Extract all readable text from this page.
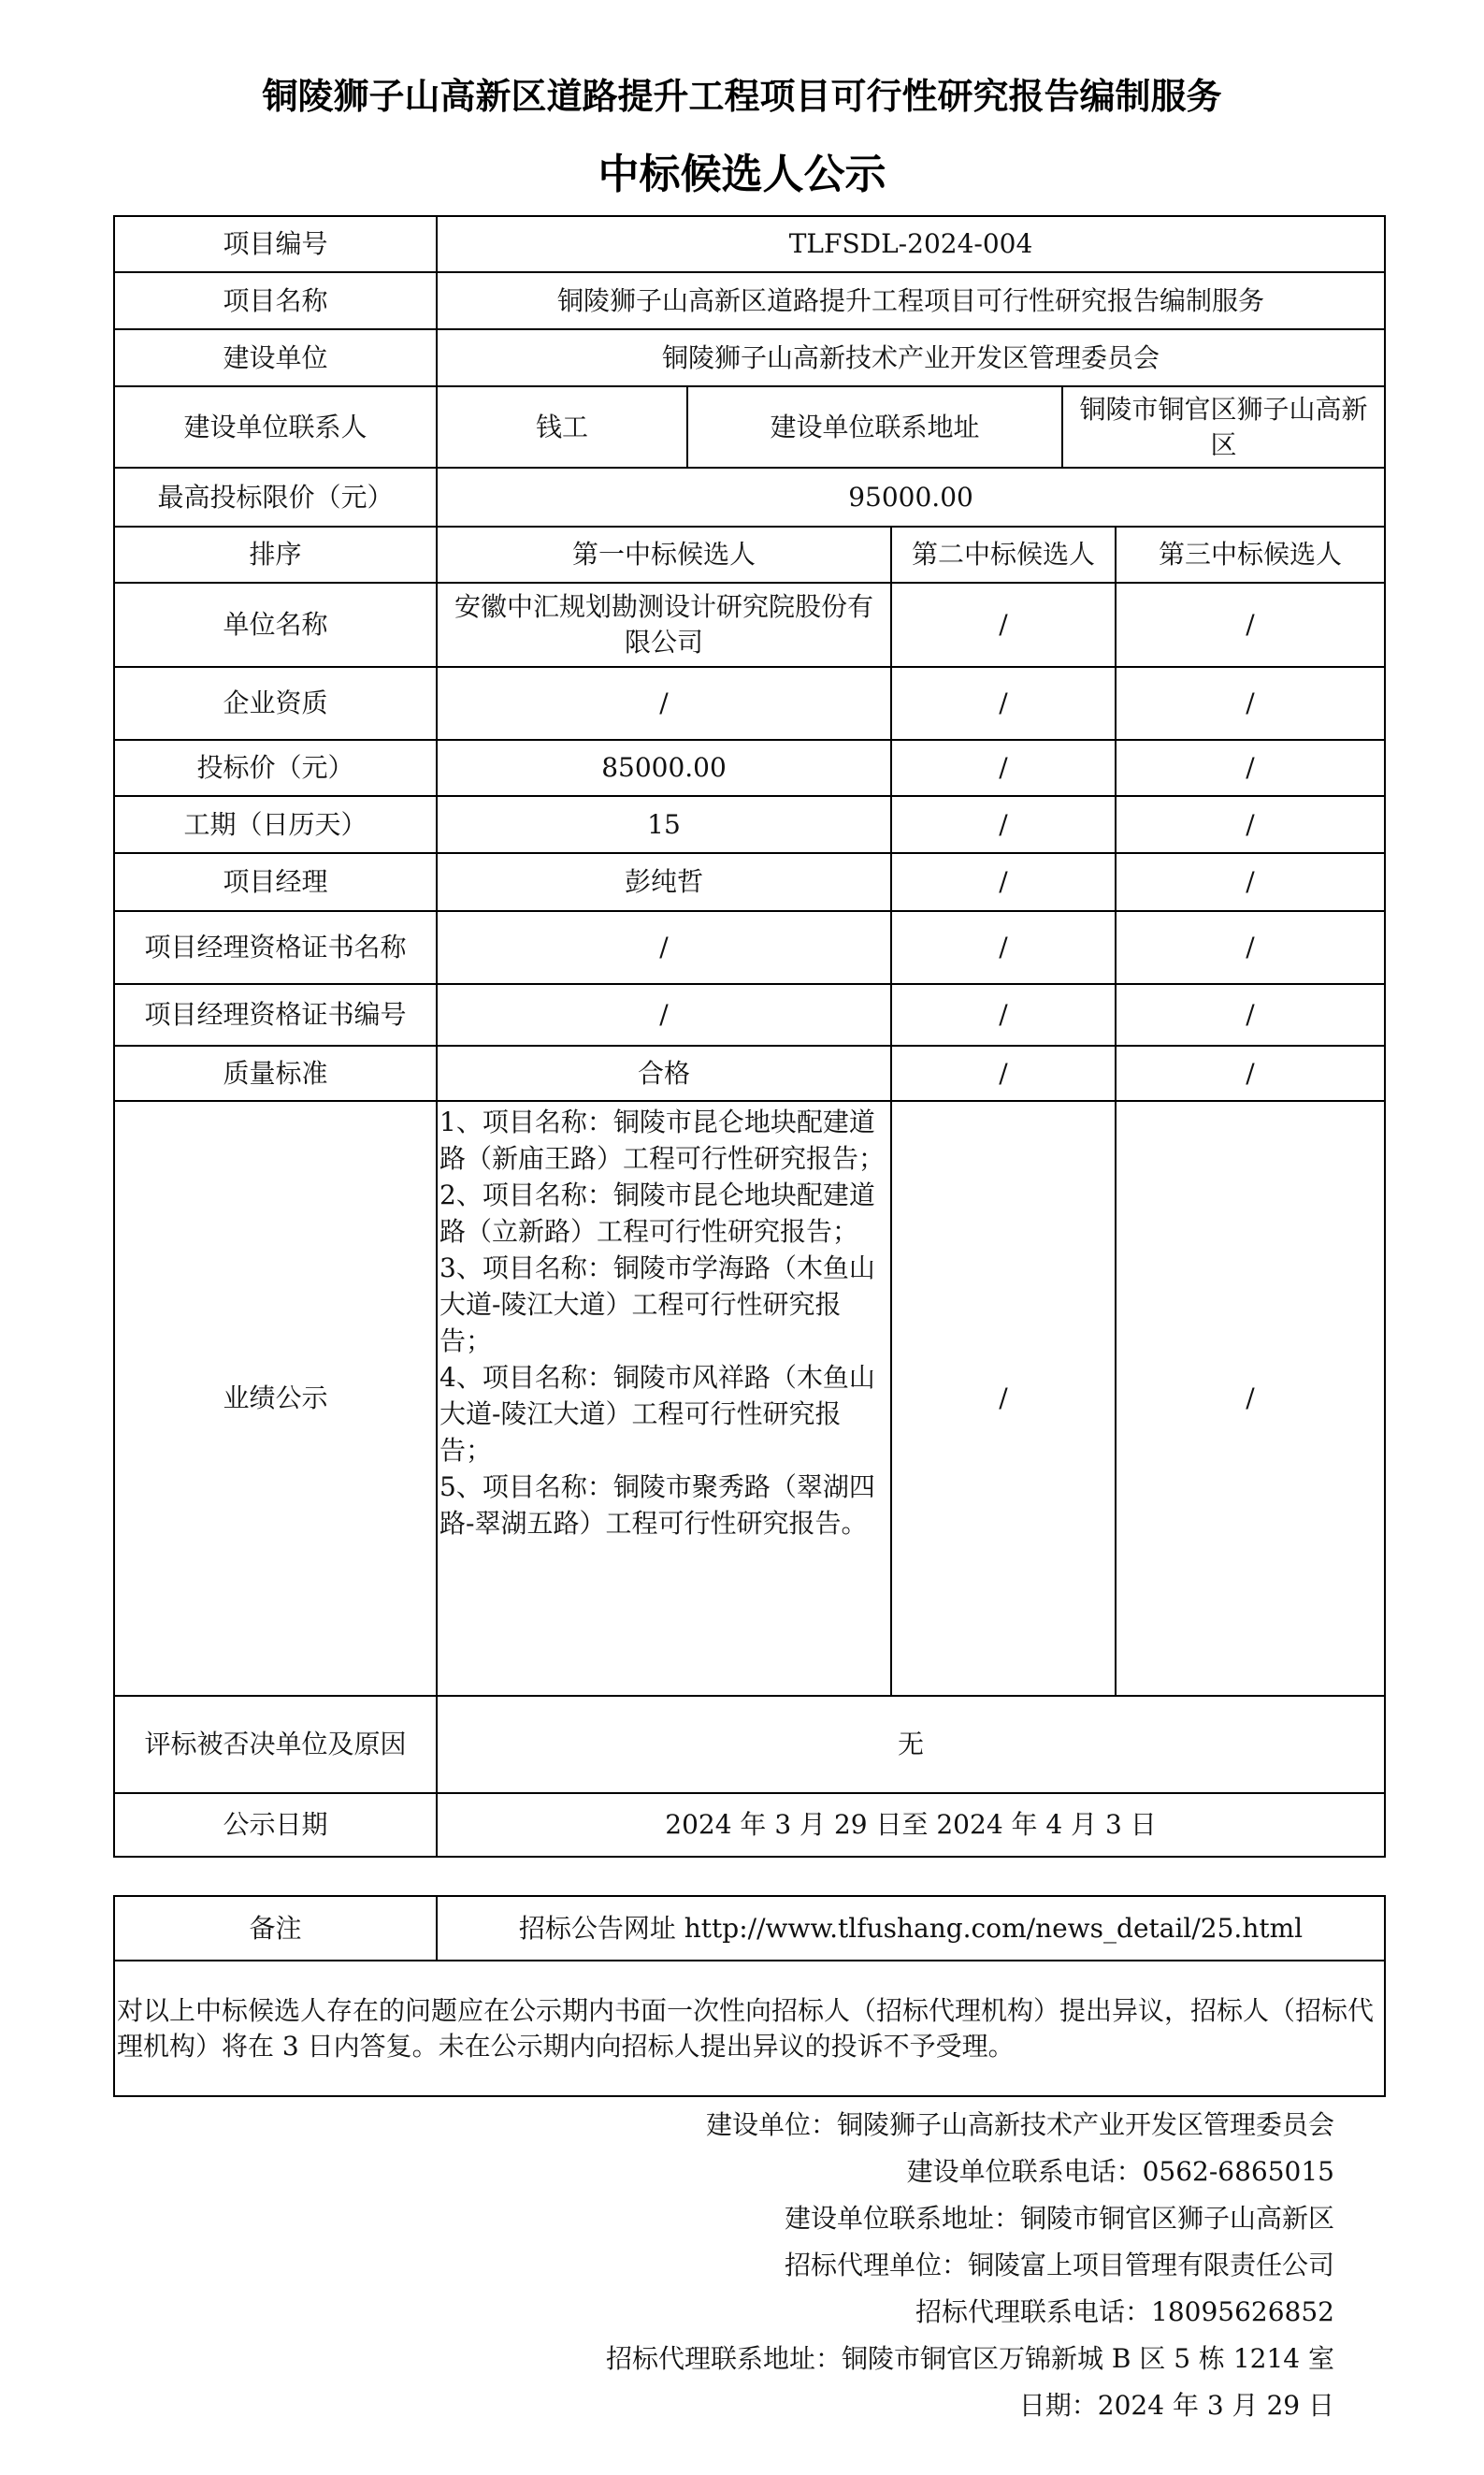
铜陵狮子山高新区道路提升工程项目可行性研究报告编制服务
中标候选人公示
项目编号	TLFSDL-2024-004				
项目名称	铜陵狮子山高新区道路提升工程项目可行性研究报告编制服务				
建设单位	铜陵狮子山高新技术产业开发区管理委员会				
建设单位联系人	钱工	建设单位联系地址		铜陵市铜官区狮子山高新区	
最高投标限价（元）	95000.00				
排序	第一中标候选人		第二中标候选人		第三中标候选人
单位名称	安徽中汇规划勘测设计研究院股份有限公司		/		/
企业资质	/		/		/
投标价（元）	85000.00		/		/
工期（日历天）	15		/		/
项目经理	彭纯哲		/		/
项目经理资格证书名称	/		/		/
项目经理资格证书编号	/		/		/
质量标准	合格		/		/
业绩公示	1、项目名称：铜陵市昆仑地块配建道路（新庙王路）工程可行性研究报告；
2、项目名称：铜陵市昆仑地块配建道路（立新路）工程可行性研究报告；
3、项目名称：铜陵市学海路（木鱼山大道-陵江大道）工程可行性研究报告；
4、项目名称：铜陵市风祥路（木鱼山大道-陵江大道）工程可行性研究报告；
5、项目名称：铜陵市聚秀路（翠湖四路-翠湖五路）工程可行性研究报告。		/		/
评标被否决单位及原因	无				
公示日期	2024 年 3 月 29 日至 2024 年 4 月 3 日				
备注	招标公告网址 http://www.tlfushang.com/news_detail/25.html
对以上中标候选人存在的问题应在公示期内书面一次性向招标人（招标代理机构）提出异议，招标人（招标代理机构）将在 3 日内答复。未在公示期内向招标人提出异议的投诉不予受理。
建设单位：铜陵狮子山高新技术产业开发区管理委员会
建设单位联系电话：0562-6865015
建设单位联系地址：铜陵市铜官区狮子山高新区
招标代理单位：铜陵富上项目管理有限责任公司
招标代理联系电话：18095626852
招标代理联系地址：铜陵市铜官区万锦新城 B 区 5 栋 1214 室
日期：2024 年 3 月 29 日
